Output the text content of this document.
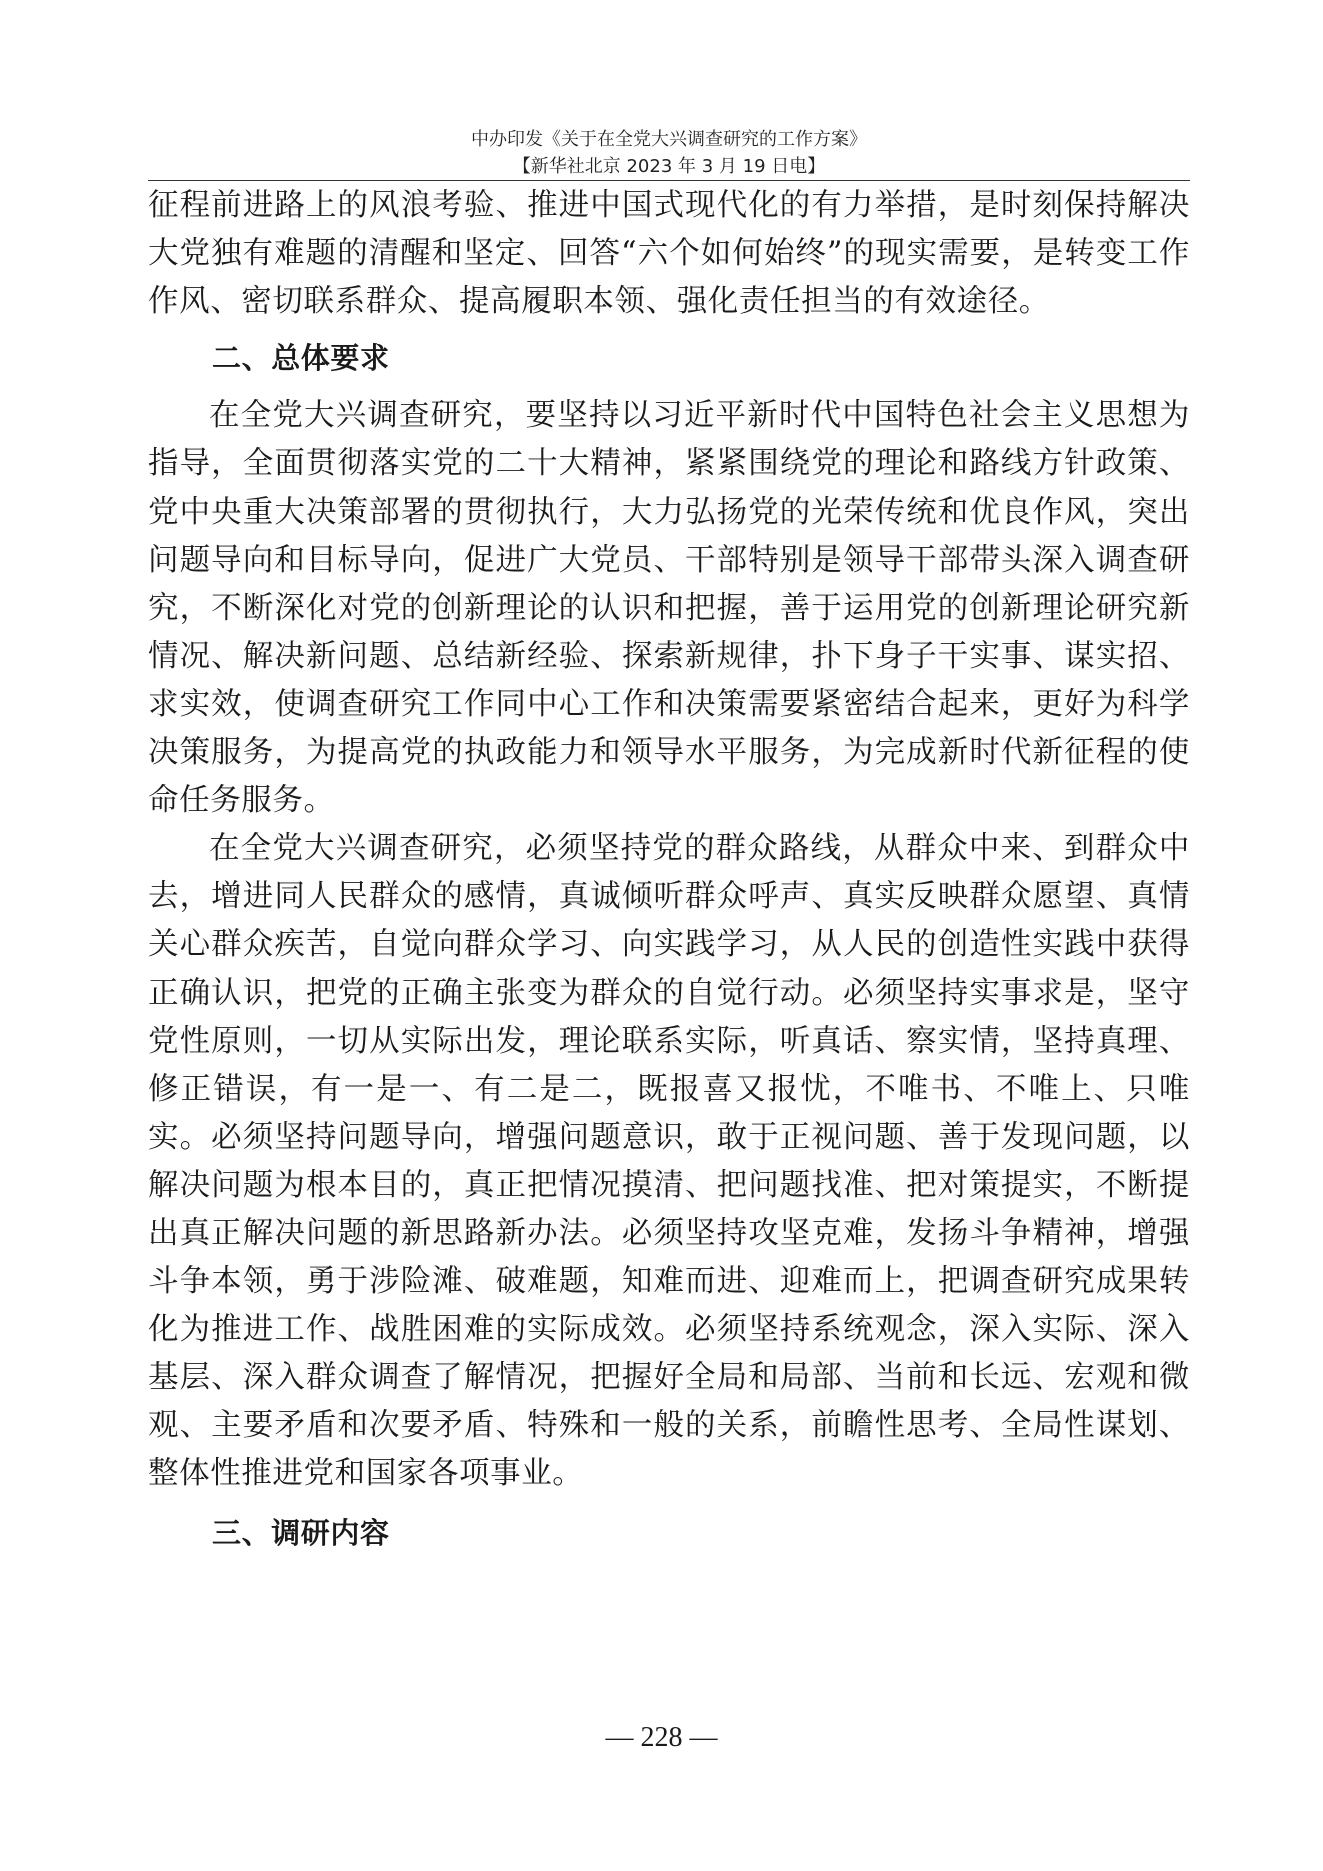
中办印发《关于在全党大兴调查研究的工作方案》
【新华社北京 2023 年 3 月 19 日电】

征程前进路上的风浪考验、推进中国式现代化的有力举措，是时刻保持解决大党独有难题的清醒和坚定、回答“六个如何始终”的现实需要，是转变工作作风、密切联系群众、提高履职本领、强化责任担当的有效途径。

二、总体要求

在全党大兴调查研究，要坚持以习近平新时代中国特色社会主义思想为指导，全面贯彻落实党的二十大精神，紧紧围绕党的理论和路线方针政策、党中央重大决策部署的贯彻执行，大力弘扬党的光荣传统和优良作风，突出问题导向和目标导向，促进广大党员、干部特别是领导干部带头深入调查研究，不断深化对党的创新理论的认识和把握，善于运用党的创新理论研究新情况、解决新问题、总结新经验、探索新规律，扑下身子干实事、谋实招、求实效，使调查研究工作同中心工作和决策需要紧密结合起来，更好为科学决策服务，为提高党的执政能力和领导水平服务，为完成新时代新征程的使命任务服务。

在全党大兴调查研究，必须坚持党的群众路线，从群众中来、到群众中去，增进同人民群众的感情，真诚倾听群众呼声、真实反映群众愿望、真情关心群众疾苦，自觉向群众学习、向实践学习，从人民的创造性实践中获得正确认识，把党的正确主张变为群众的自觉行动。必须坚持实事求是，坚守党性原则，一切从实际出发，理论联系实际，听真话、察实情，坚持真理、修正错误，有一是一、有二是二，既报喜又报忧，不唯书、不唯上、只唯实。必须坚持问题导向，增强问题意识，敢于正视问题、善于发现问题，以解决问题为根本目的，真正把情况摸清、把问题找准、把对策提实，不断提出真正解决问题的新思路新办法。必须坚持攻坚克难，发扬斗争精神，增强斗争本领，勇于涉险滩、破难题，知难而进、迎难而上，把调查研究成果转化为推进工作、战胜困难的实际成效。必须坚持系统观念，深入实际、深入基层、深入群众调查了解情况，把握好全局和局部、当前和长远、宏观和微观、主要矛盾和次要矛盾、特殊和一般的关系，前瞻性思考、全局性谋划、整体性推进党和国家各项事业。

三、调研内容
— 228 —
